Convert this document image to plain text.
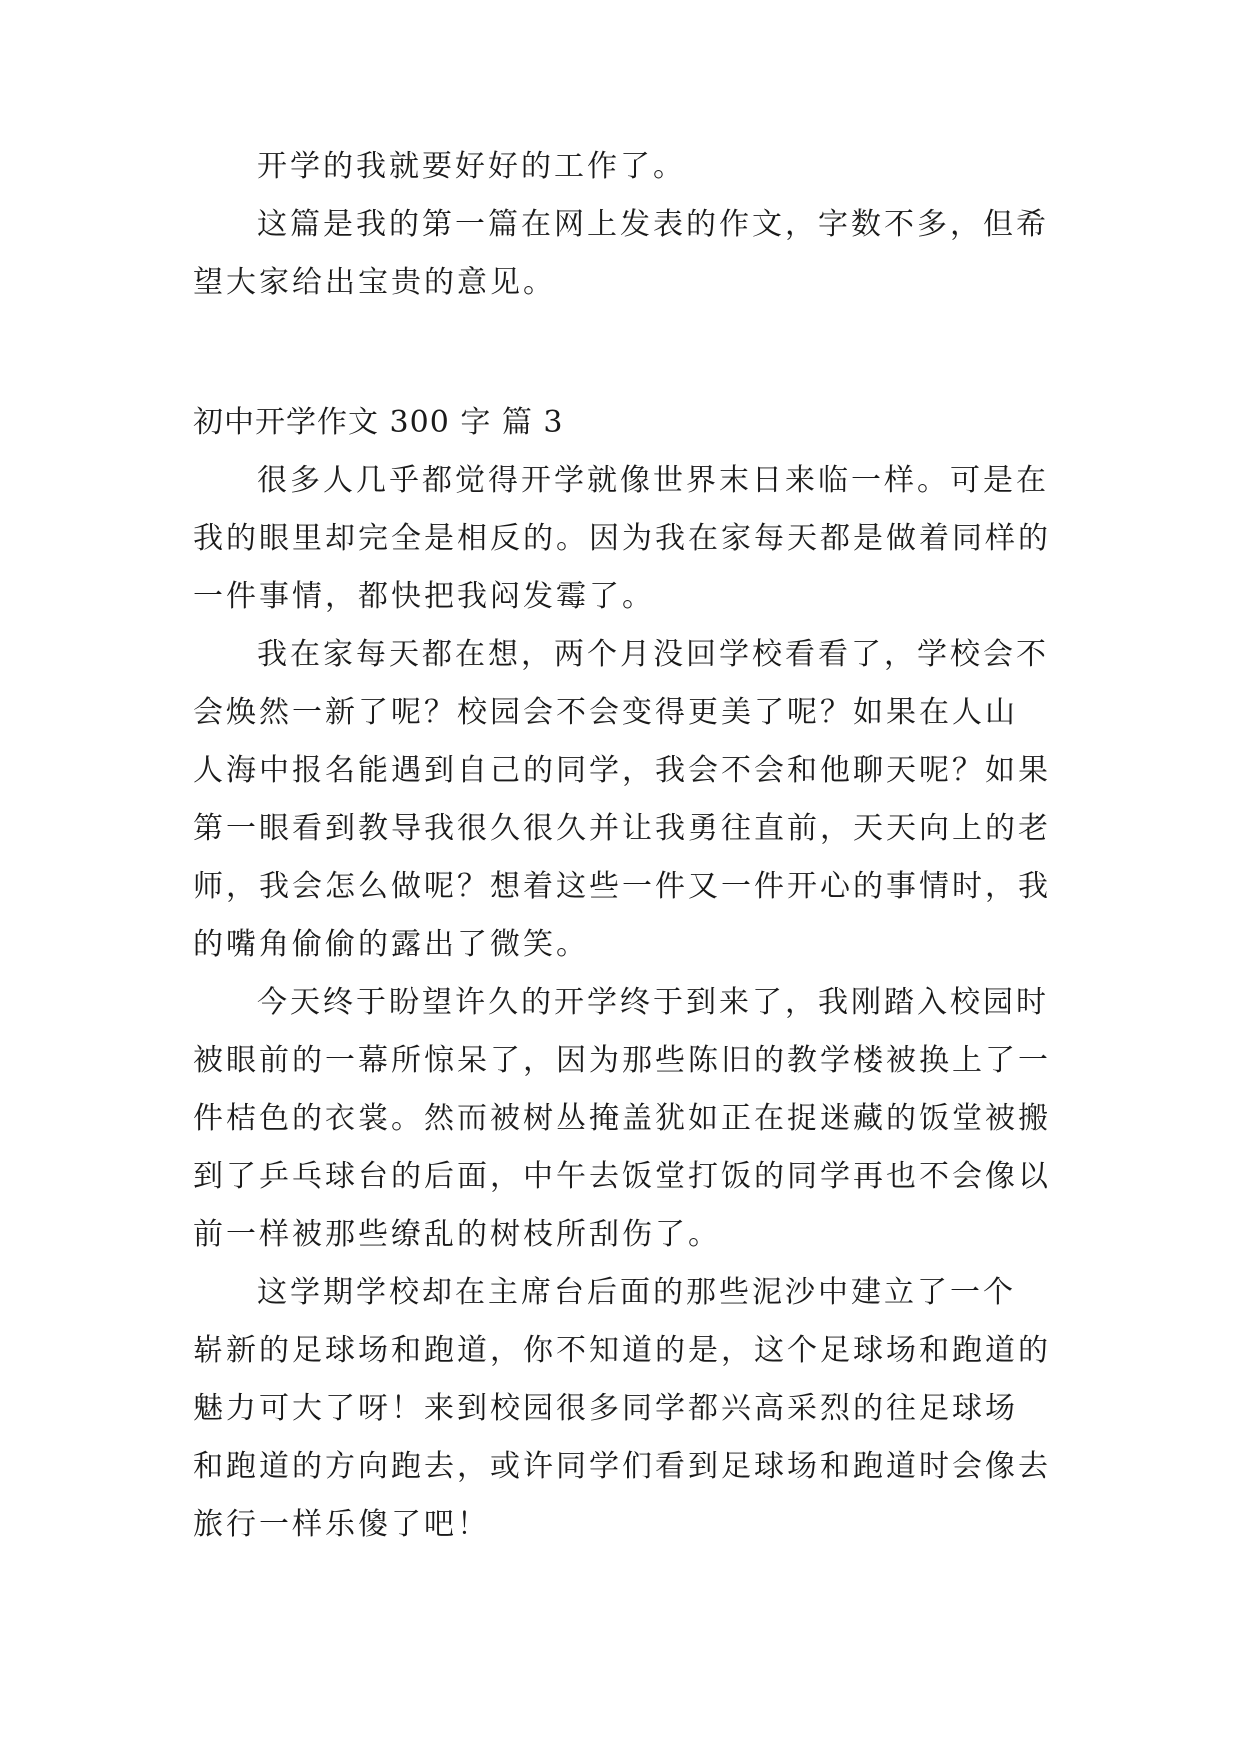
开学的我就要好好的工作了。
这篇是我的第一篇在网上发表的作文，字数不多，但希
望大家给出宝贵的意见。
初中开学作文 300 字 篇 3
很多人几乎都觉得开学就像世界末日来临一样。可是在
我的眼里却完全是相反的。因为我在家每天都是做着同样的
一件事情，都快把我闷发霉了。
我在家每天都在想，两个月没回学校看看了，学校会不
会焕然一新了呢？校园会不会变得更美了呢？如果在人山
人海中报名能遇到自己的同学，我会不会和他聊天呢？如果
第一眼看到教导我很久很久并让我勇往直前，天天向上的老
师，我会怎么做呢？想着这些一件又一件开心的事情时，我
的嘴角偷偷的露出了微笑。
今天终于盼望许久的开学终于到来了，我刚踏入校园时
被眼前的一幕所惊呆了，因为那些陈旧的教学楼被换上了一
件桔色的衣裳。然而被树丛掩盖犹如正在捉迷藏的饭堂被搬
到了乒乓球台的后面，中午去饭堂打饭的同学再也不会像以
前一样被那些缭乱的树枝所刮伤了。
这学期学校却在主席台后面的那些泥沙中建立了一个
崭新的足球场和跑道，你不知道的是，这个足球场和跑道的
魅力可大了呀！来到校园很多同学都兴高采烈的往足球场
和跑道的方向跑去，或许同学们看到足球场和跑道时会像去
旅行一样乐傻了吧！
